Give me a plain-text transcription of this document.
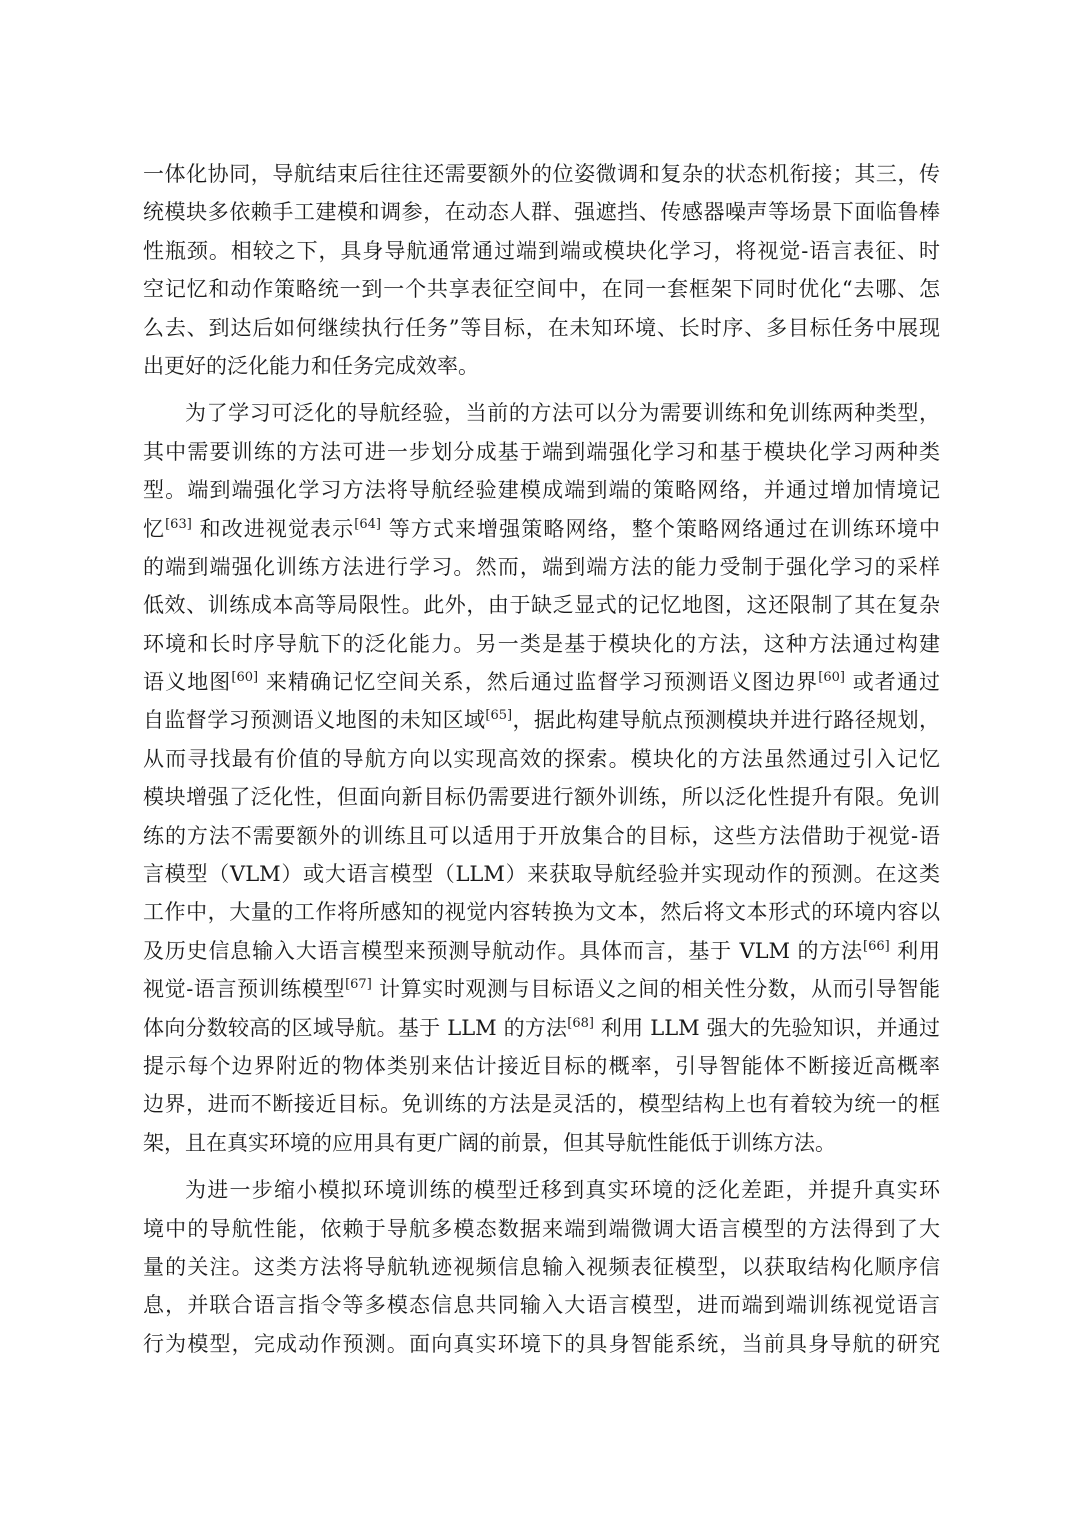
一体化协同，导航结束后往往还需要额外的位姿微调和复杂的状态机衔接；其三，传
统模块多依赖手工建模和调参，在动态人群、强遮挡、传感器噪声等场景下面临鲁棒
性瓶颈。相较之下，具身导航通常通过端到端或模块化学习，将视觉-语言表征、时
空记忆和动作策略统一到一个共享表征空间中，在同一套框架下同时优化“去哪、怎
么去、到达后如何继续执行任务”等目标，在未知环境、长时序、多目标任务中展现
出更好的泛化能力和任务完成效率。
为了学习可泛化的导航经验，当前的方法可以分为需要训练和免训练两种类型，
其中需要训练的方法可进一步划分成基于端到端强化学习和基于模块化学习两种类
型。端到端强化学习方法将导航经验建模成端到端的策略网络，并通过增加情境记
忆[63] 和改进视觉表示[64] 等方式来增强策略网络，整个策略网络通过在训练环境中
的端到端强化训练方法进行学习。然而，端到端方法的能力受制于强化学习的采样
低效、训练成本高等局限性。此外，由于缺乏显式的记忆地图，这还限制了其在复杂
环境和长时序导航下的泛化能力。另一类是基于模块化的方法，这种方法通过构建
语义地图[60] 来精确记忆空间关系，然后通过监督学习预测语义图边界[60] 或者通过
自监督学习预测语义地图的未知区域[65]，据此构建导航点预测模块并进行路径规划，
从而寻找最有价值的导航方向以实现高效的探索。模块化的方法虽然通过引入记忆
模块增强了泛化性，但面向新目标仍需要进行额外训练，所以泛化性提升有限。免训
练的方法不需要额外的训练且可以适用于开放集合的目标，这些方法借助于视觉-语
言模型（VLM）或大语言模型（LLM）来获取导航经验并实现动作的预测。在这类
工作中，大量的工作将所感知的视觉内容转换为文本，然后将文本形式的环境内容以
及历史信息输入大语言模型来预测导航动作。具体而言，基于 VLM 的方法[66] 利用
视觉-语言预训练模型[67] 计算实时观测与目标语义之间的相关性分数，从而引导智能
体向分数较高的区域导航。基于 LLM 的方法[68] 利用 LLM 强大的先验知识，并通过
提示每个边界附近的物体类别来估计接近目标的概率，引导智能体不断接近高概率
边界，进而不断接近目标。免训练的方法是灵活的，模型结构上也有着较为统一的框
架，且在真实环境的应用具有更广阔的前景，但其导航性能低于训练方法。
为进一步缩小模拟环境训练的模型迁移到真实环境的泛化差距，并提升真实环
境中的导航性能，依赖于导航多模态数据来端到端微调大语言模型的方法得到了大
量的关注。这类方法将导航轨迹视频信息输入视频表征模型，以获取结构化顺序信
息，并联合语言指令等多模态信息共同输入大语言模型，进而端到端训练视觉语言
行为模型，完成动作预测。面向真实环境下的具身智能系统，当前具身导航的研究
